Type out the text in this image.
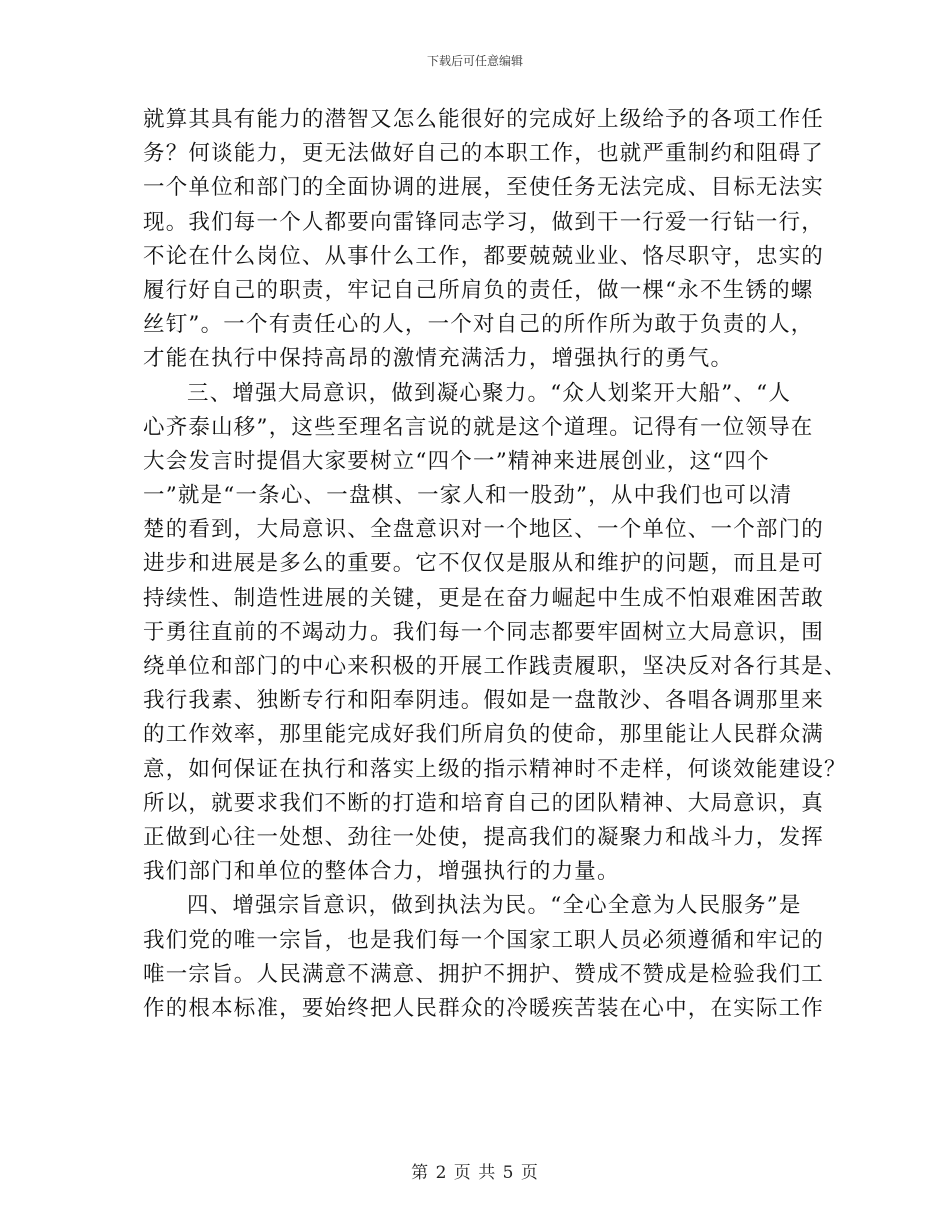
下载后可任意编辑
就算其具有能力的潜智又怎么能很好的完成好上级给予的各项工作任
务？何谈能力，更无法做好自己的本职工作，也就严重制约和阻碍了
一个单位和部门的全面协调的进展，至使任务无法完成、目标无法实
现。我们每一个人都要向雷锋同志学习，做到干一行爱一行钻一行，
不论在什么岗位、从事什么工作，都要兢兢业业、恪尽职守，忠实的
履行好自己的职责，牢记自己所肩负的责任，做一棵“永不生锈的螺
丝钉”。一个有责任心的人，一个对自己的所作所为敢于负责的人，
才能在执行中保持高昂的激情充满活力，增强执行的勇气。
三、增强大局意识，做到凝心聚力。“众人划桨开大船”、“人
心齐泰山移”，这些至理名言说的就是这个道理。记得有一位领导在
大会发言时提倡大家要树立“四个一”精神来进展创业，这“四个
一”就是“一条心、一盘棋、一家人和一股劲”，从中我们也可以清
楚的看到，大局意识、全盘意识对一个地区、一个单位、一个部门的
进步和进展是多么的重要。它不仅仅是服从和维护的问题，而且是可
持续性、制造性进展的关键，更是在奋力崛起中生成不怕艰难困苦敢
于勇往直前的不竭动力。我们每一个同志都要牢固树立大局意识，围
绕单位和部门的中心来积极的开展工作践责履职，坚决反对各行其是、
我行我素、独断专行和阳奉阴违。假如是一盘散沙、各唱各调那里来
的工作效率，那里能完成好我们所肩负的使命，那里能让人民群众满
意，如何保证在执行和落实上级的指示精神时不走样，何谈效能建设？
所以，就要求我们不断的打造和培育自己的团队精神、大局意识，真
正做到心往一处想、劲往一处使，提高我们的凝聚力和战斗力，发挥
我们部门和单位的整体合力，增强执行的力量。
四、增强宗旨意识，做到执法为民。“全心全意为人民服务”是
我们党的唯一宗旨，也是我们每一个国家工职人员必须遵循和牢记的
唯一宗旨。人民满意不满意、拥护不拥护、赞成不赞成是检验我们工
作的根本标准，要始终把人民群众的冷暖疾苦装在心中，在实际工作
第 2 页 共 5 页
